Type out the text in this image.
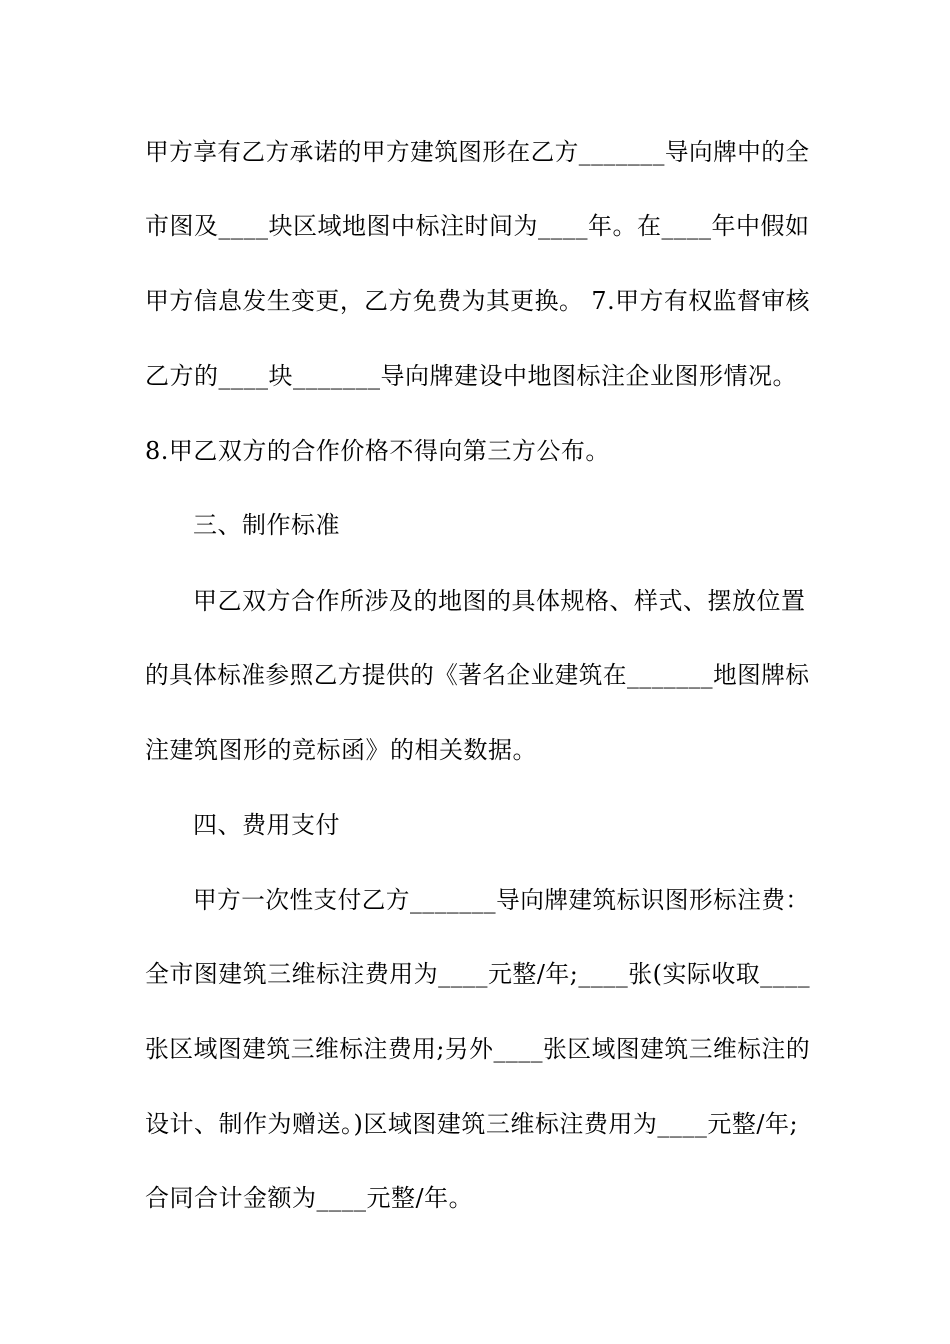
甲方享有乙方承诺的甲方建筑图形在乙方_______导向牌中的全
市图及____块区域地图中标注时间为____年。在____年中假如
甲方信息发生变更，乙方免费为其更换。 7.甲方有权监督审核
乙方的____块_______导向牌建设中地图标注企业图形情况。
8.甲乙双方的合作价格不得向第三方公布。
三、制作标准
甲乙双方合作所涉及的地图的具体规格、样式、摆放位置
的具体标准参照乙方提供的《著名企业建筑在_______地图牌标
注建筑图形的竞标函》的相关数据。
四、费用支付
甲方一次性支付乙方_______导向牌建筑标识图形标注费：
全市图建筑三维标注费用为____元整/年;____张(实际收取____
张区域图建筑三维标注费用;另外____张区域图建筑三维标注的
设计、制作为赠送。)区域图建筑三维标注费用为____元整/年;
合同合计金额为____元整/年。
